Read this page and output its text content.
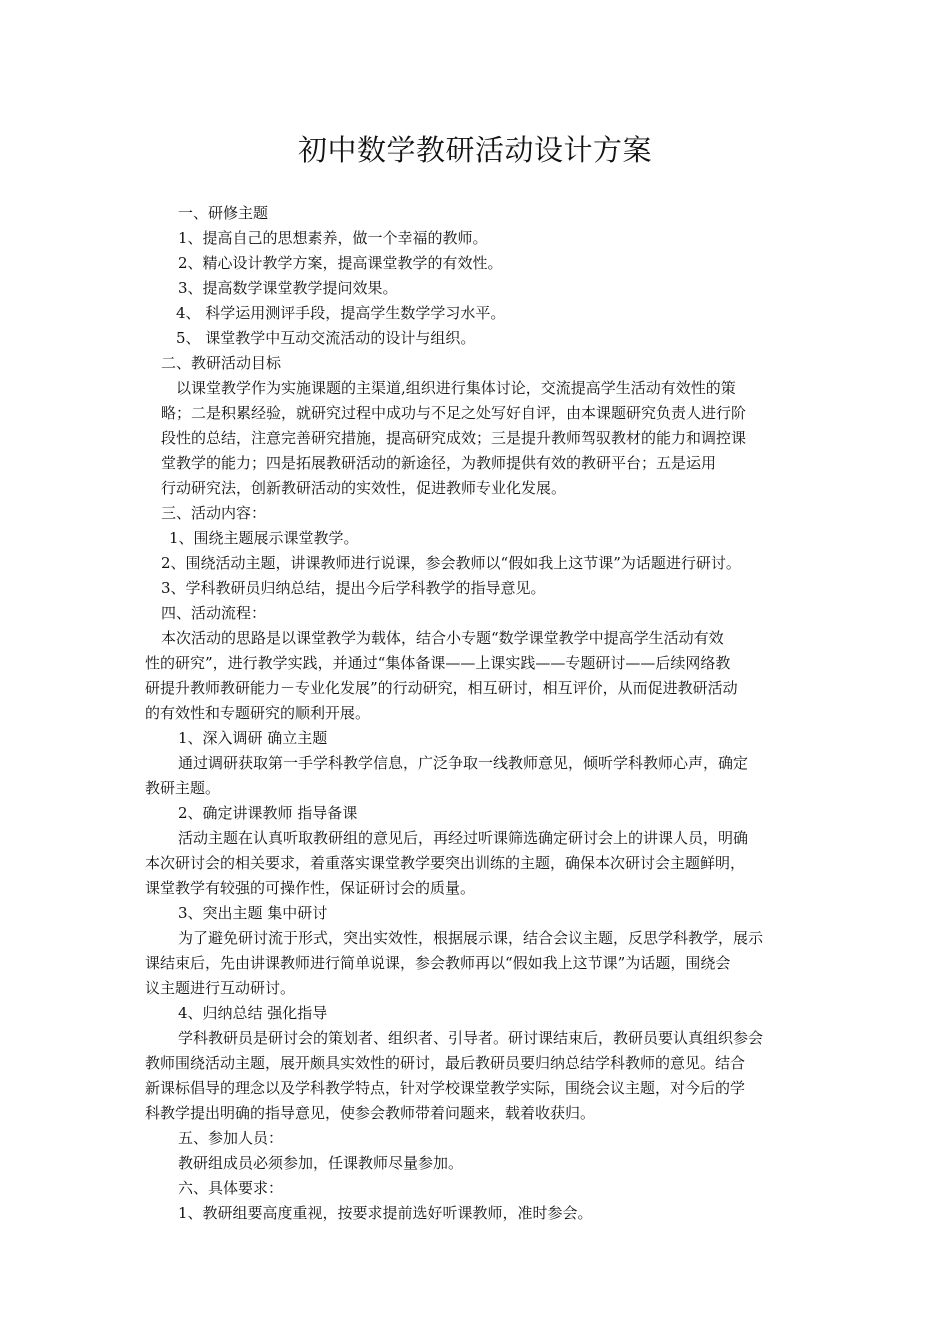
初中数学教研活动设计方案
一、研修主题
1、提高自己的思想素养，做一个幸福的教师。
2、精心设计教学方案，提高课堂教学的有效性。
3、提高数学课堂教学提问效果。
4、 科学运用测评手段，提高学生数学学习水平。
5、 课堂教学中互动交流活动的设计与组织。
二、教研活动目标
以课堂教学作为实施课题的主渠道,组织进行集体讨论，交流提高学生活动有效性的策
略；二是积累经验，就研究过程中成功与不足之处写好自评，由本课题研究负责人进行阶
段性的总结，注意完善研究措施，提高研究成效；三是提升教师驾驭教材的能力和调控课
堂教学的能力；四是拓展教研活动的新途径，为教师提供有效的教研平台；五是运用
行动研究法，创新教研活动的实效性，促进教师专业化发展。
三、活动内容：
1、围绕主题展示课堂教学。
2、围绕活动主题，讲课教师进行说课，参会教师以“假如我上这节课”为话题进行研讨。
3、学科教研员归纳总结，提出今后学科教学的指导意见。
四、活动流程：
本次活动的思路是以课堂教学为载体，结合小专题“数学课堂教学中提高学生活动有效
性的研究”，进行教学实践，并通过“集体备课——上课实践——专题研讨——后续网络教
研提升教师教研能力－专业化发展”的行动研究，相互研讨，相互评价，从而促进教研活动
的有效性和专题研究的顺利开展。
1、深入调研 确立主题
通过调研获取第一手学科教学信息，广泛争取一线教师意见，倾听学科教师心声，确定
教研主题。
2、确定讲课教师 指导备课
活动主题在认真听取教研组的意见后，再经过听课筛选确定研讨会上的讲课人员，明确
本次研讨会的相关要求，着重落实课堂教学要突出训练的主题，确保本次研讨会主题鲜明，
课堂教学有较强的可操作性，保证研讨会的质量。
3、突出主题 集中研讨
为了避免研讨流于形式，突出实效性，根据展示课，结合会议主题，反思学科教学，展示
课结束后，先由讲课教师进行简单说课，参会教师再以“假如我上这节课”为话题，围绕会
议主题进行互动研讨。
4、归纳总结 强化指导
学科教研员是研讨会的策划者、组织者、引导者。研讨课结束后，教研员要认真组织参会
教师围绕活动主题，展开颇具实效性的研讨，最后教研员要归纳总结学科教师的意见。结合
新课标倡导的理念以及学科教学特点，针对学校课堂教学实际，围绕会议主题，对今后的学
科教学提出明确的指导意见，使参会教师带着问题来，载着收获归。
五、参加人员：
教研组成员必须参加，任课教师尽量参加。
六、具体要求：
1、教研组要高度重视，按要求提前选好听课教师，准时参会。
